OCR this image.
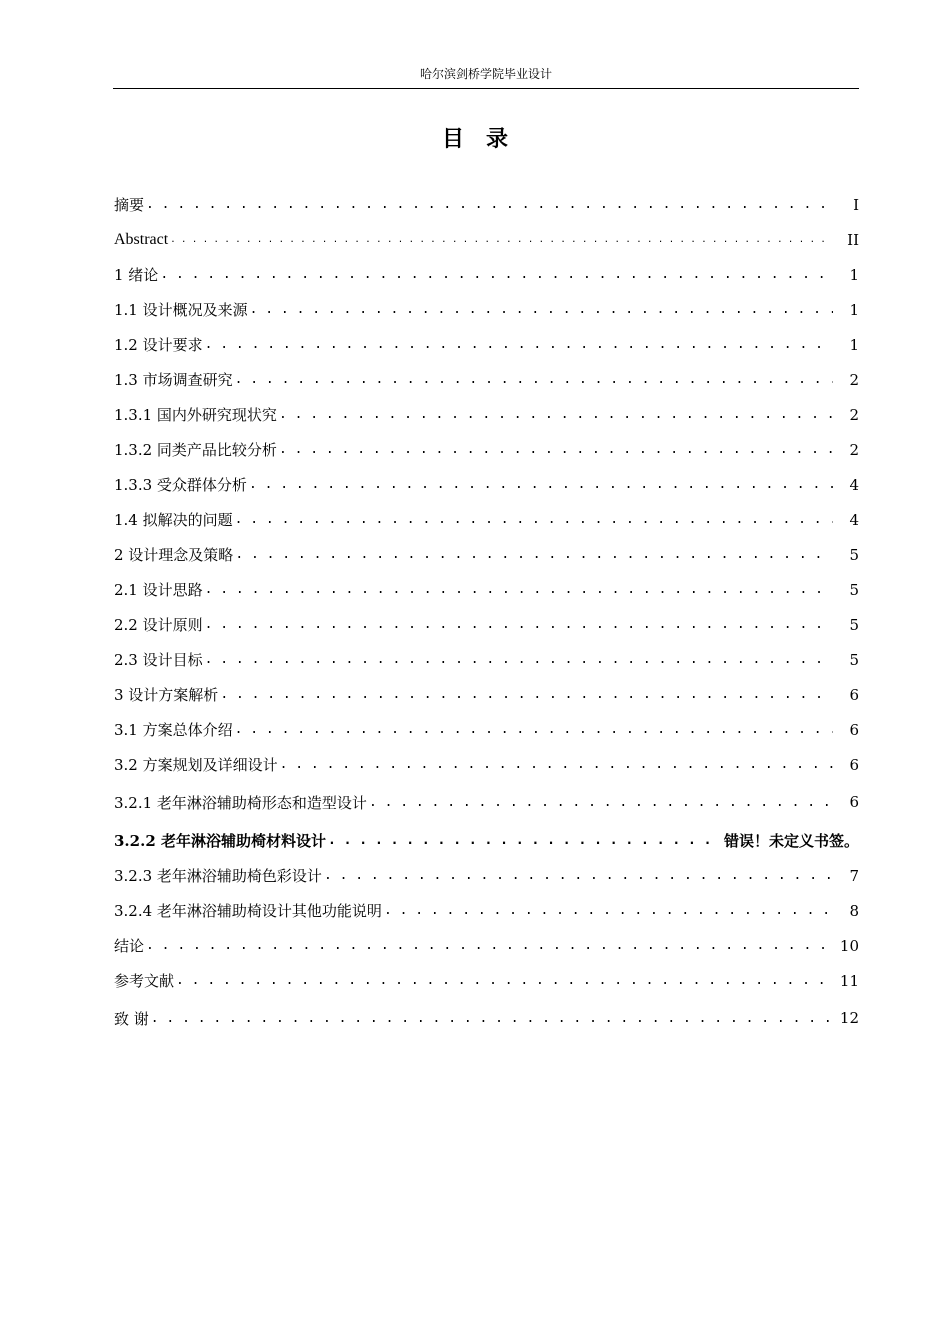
哈尔滨剑桥学院毕业设计
目录
摘要 . . .	I
Abstract . . .	II
1 绪论 . . .	1
1.1 设计概况及来源 . . .	1
1.2 设计要求 . . .	1
1.3 市场调查研究 . . .	2
1.3.1 国内外研究现状究 . . .	2
1.3.2 同类产品比较分析 . . .	2
1.3.3 受众群体分析 . . .	4
1.4 拟解决的问题 . . .	4
2 设计理念及策略 . . .	5
2.1 设计思路 . . .	5
2.2 设计原则 . . .	5
2.3 设计目标 . . .	5
3 设计方案解析 . . .	6
3.1 方案总体介绍 . . .	6
3.2 方案规划及详细设计 . . .	6
3.2.1 老年淋浴辅助椅形态和造型设计 . . .	6
3.2.2 老年淋浴辅助椅材料设计 . . .	错误！未定义书签。
3.2.3 老年淋浴辅助椅色彩设计 . . .	7
3.2.4 老年淋浴辅助椅设计其他功能说明 . . .	8
结论 . . .	10
参考文献 . . .	11
致 谢 . . .	12
